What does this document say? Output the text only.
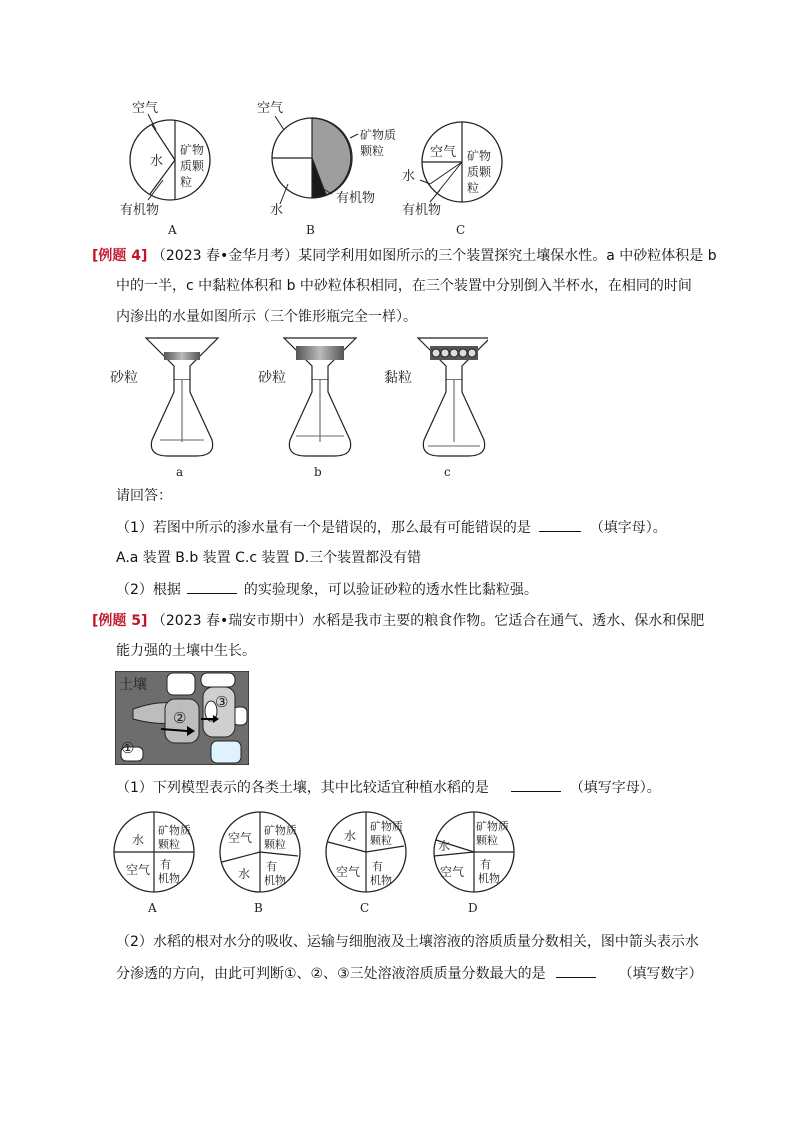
空气
水
矿物
质颗
粒
有机物
A
空气
矿物质
颗粒
有机物
水
B
空气 矿物
质颗
粒
水
有机物
C
[例题 4] （2023 春•金华月考）某同学利用如图所示的三个装置探究土壤保水性。a 中砂粒体积是 b
中的一半，c 中黏粒体积和 b 中砂粒体积相同，在三个装置中分别倒入半杯水，在相同的时间
内渗出的水量如图所示（三个锥形瓶完全一样）。
砂粒
a
砂粒
b
黏粒
c
请回答：
（1）若图中所示的渗水量有一个是错误的，那么最有可能错误的是	（填字母）。
A.a 装置 B.b 装置 C.c 装置 D.三个装置都没有错
（2）根据	的实验现象，可以验证砂粒的透水性比黏粒强。
[例题 5] （2023 春•瑞安市期中）水稻是我市主要的粮食作物。它适合在通气、透水、保水和保肥
能力强的土壤中生长。
土壤
①
②
③
（1）下列模型表示的各类土壤，其中比较适宜种植水稻的是	（填写字母）。
水
矿物质
颗粒
空气 有
机物
A
空气
矿物质
颗粒
水
有
机物
B
水
矿物质
颗粒
空气 有
机物
C
水
矿物质
颗粒
空气
有
机物
D
（2）水稻的根对水分的吸收、运输与细胞液及土壤溶液的溶质质量分数相关，图中箭头表示水
分渗透的方向，由此可判断①、②、③三处溶液溶质质量分数最大的是	（填写数字）
